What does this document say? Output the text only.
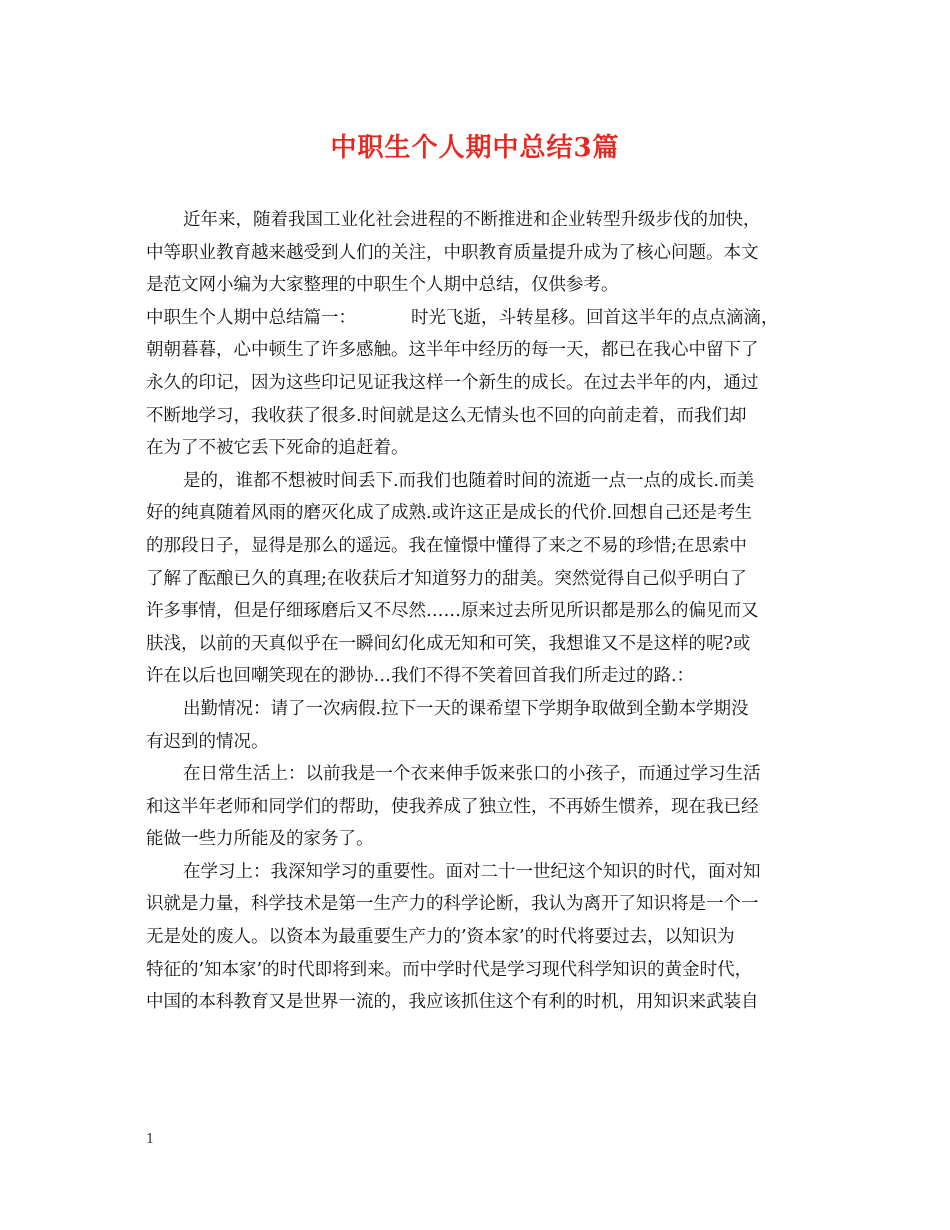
中职生个人期中总结3篇
近年来，随着我国工业化社会进程的不断推进和企业转型升级步伐的加快，
中等职业教育越来越受到人们的关注，中职教育质量提升成为了核心问题。本文
是范文网小编为大家整理的中职生个人期中总结，仅供参考。
中职生个人期中总结篇一：	时光飞逝，斗转星移。回首这半年的点点滴滴，
朝朝暮暮，心中顿生了许多感触。这半年中经历的每一天，都已在我心中留下了
永久的印记，因为这些印记见证我这样一个新生的成长。在过去半年的内，通过
不断地学习，我收获了很多.时间就是这么无情头也不回的向前走着，而我们却
在为了不被它丢下死命的追赶着。
是的，谁都不想被时间丢下.而我们也随着时间的流逝一点一点的成长.而美
好的纯真随着风雨的磨灭化成了成熟.或许这正是成长的代价.回想自己还是考生
的那段日子，显得是那么的遥远。我在憧憬中懂得了来之不易的珍惜;在思索中
了解了酝酿已久的真理;在收获后才知道努力的甜美。突然觉得自己似乎明白了
许多事情，但是仔细琢磨后又不尽然……原来过去所见所识都是那么的偏见而又
肤浅，以前的天真似乎在一瞬间幻化成无知和可笑，我想谁又不是这样的呢?或
许在以后也回嘲笑现在的渺协…我们不得不笑着回首我们所走过的路.：
出勤情况：请了一次病假.拉下一天的课希望下学期争取做到全勤本学期没
有迟到的情况。
在日常生活上：以前我是一个衣来伸手饭来张口的小孩子，而通过学习生活
和这半年老师和同学们的帮助，使我养成了独立性，不再娇生惯养，现在我已经
能做一些力所能及的家务了。
在学习上：我深知学习的重要性。面对二十一世纪这个知识的时代，面对知
识就是力量，科学技术是第一生产力的科学论断，我认为离开了知识将是一个一
无是处的废人。以资本为最重要生产力的’资本家’的时代将要过去，以知识为
特征的’知本家’的时代即将到来。而中学时代是学习现代科学知识的黄金时代，
中国的本科教育又是世界一流的，我应该抓住这个有利的时机，用知识来武装自
1
